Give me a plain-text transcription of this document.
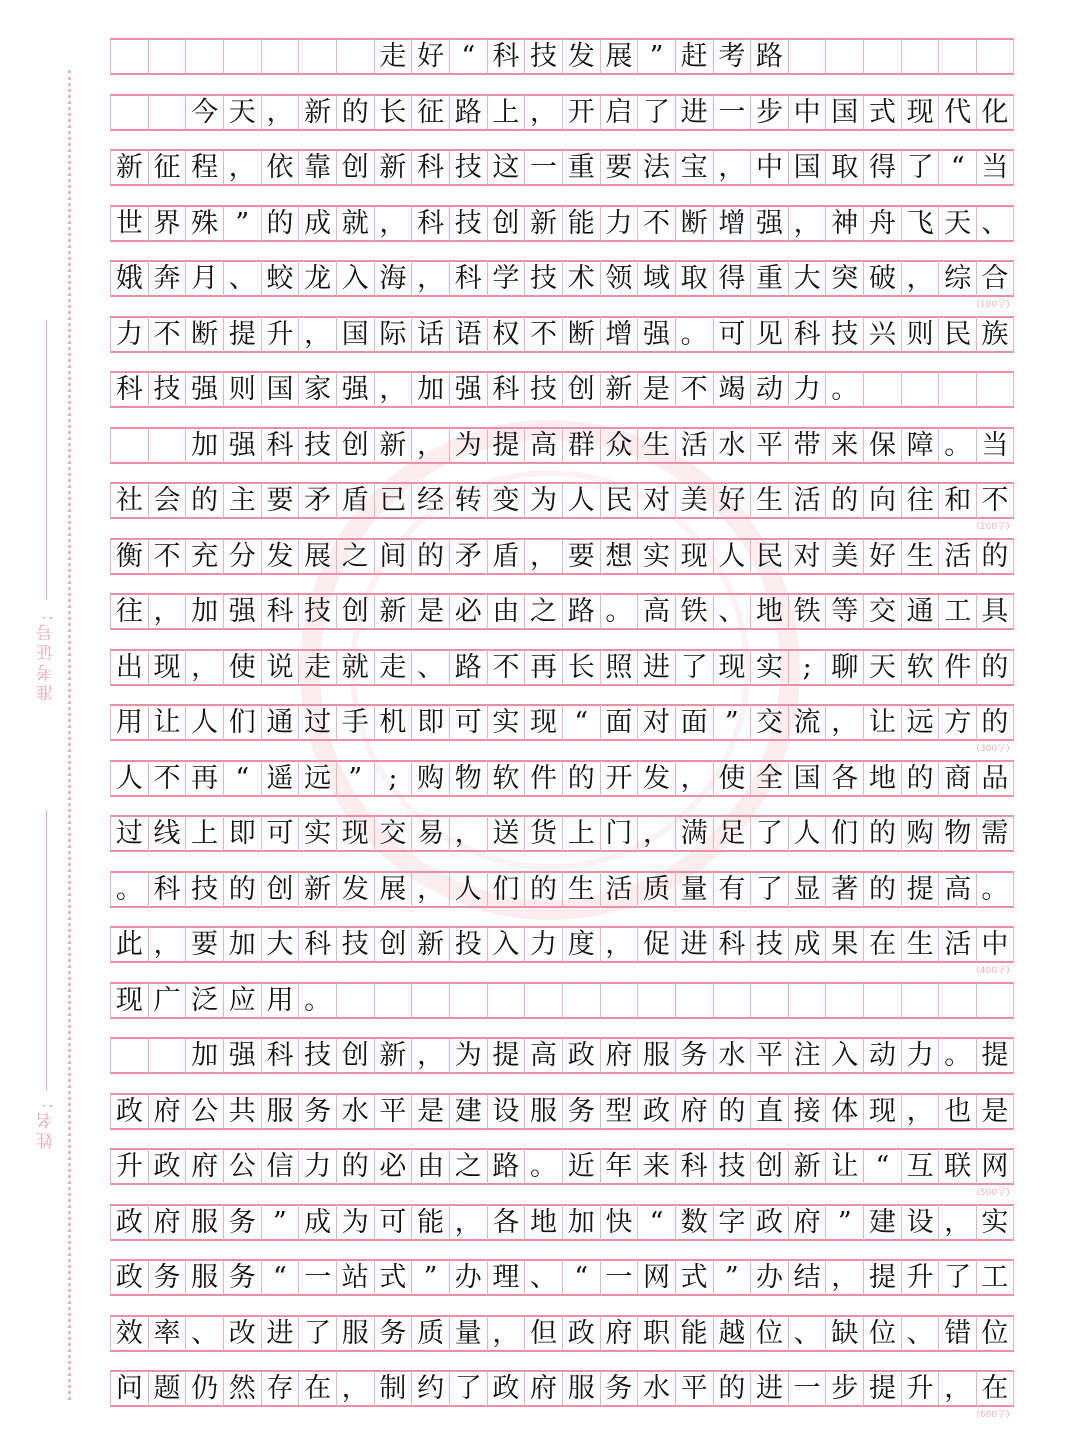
准考证号:
姓名:
走 好 “ 科 技 发 展 ” 赶 考 路
今 天 ， 新 的 长 征 路 上 ， 开 启 了 进 一 步 中 国 式 现 代 化
新 征 程 ， 依 靠 创 新 科 技 这 一 重 要 法 宝 ， 中 国 取 得 了 “ 当
世 界 殊 ” 的 成 就 ， 科 技 创 新 能 力 不 断 增 强 ， 神 舟 飞 天 、
娥 奔 月 、 蛟 龙 入 海 ， 科 学 技 术 领 域 取 得 重 大 突 破 ， 综 合
力 不 断 提 升 ， 国 际 话 语 权 不 断 增 强 。 可 见 科 技 兴 则 民 族
科 技 强 则 国 家 强 ， 加 强 科 技 创 新 是 不 竭 动 力 。
加 强 科 技 创 新 ， 为 提 高 群 众 生 活 水 平 带 来 保 障 。 当
社 会 的 主 要 矛 盾 已 经 转 变 为 人 民 对 美 好 生 活 的 向 往 和 不
衡 不 充 分 发 展 之 间 的 矛 盾 ， 要 想 实 现 人 民 对 美 好 生 活 的
往 ， 加 强 科 技 创 新 是 必 由 之 路 。 高 铁 、 地 铁 等 交 通 工 具
出 现 ， 使 说 走 就 走 、 路 不 再 长 照 进 了 现 实 ; 聊 天 软 件 的
用 让 人 们 通 过 手 机 即 可 实 现 “ 面 对 面 ” 交 流 ， 让 远 方 的
人 不 再 “ 遥 远 ” ; 购 物 软 件 的 开 发 ， 使 全 国 各 地 的 商 品
过 线 上 即 可 实 现 交 易 ， 送 货 上 门 ， 满 足 了 人 们 的 购 物 需
。 科 技 的 创 新 发 展 ， 人 们 的 生 活 质 量 有 了 显 著 的 提 高 。
此 ， 要 加 大 科 技 创 新 投 入 力 度 ， 促 进 科 技 成 果 在 生 活 中
现 广 泛 应 用 。
加 强 科 技 创 新 ， 为 提 高 政 府 服 务 水 平 注 入 动 力 。 提
政 府 公 共 服 务 水 平 是 建 设 服 务 型 政 府 的 直 接 体 现 ， 也 是
升 政 府 公 信 力 的 必 由 之 路 。 近 年 来 科 技 创 新 让 “ 互 联 网
政 府 服 务 ” 成 为 可 能 ， 各 地 加 快 “ 数 字 政 府 ” 建 设 ， 实
政 务 服 务 “ 一 站 式 ” 办 理 、 “ 一 网 式 ” 办 结 ， 提 升 了 工
效 率 、 改 进 了 服 务 质 量 ， 但 政 府 职 能 越 位 、 缺 位 、 错 位
问 题 仍 然 存 在 ， 制 约 了 政 府 服 务 水 平 的 进 一 步 提 升 ， 在
(100字)
(200字)
(300字)
(400字)
(500字)
(600字)
